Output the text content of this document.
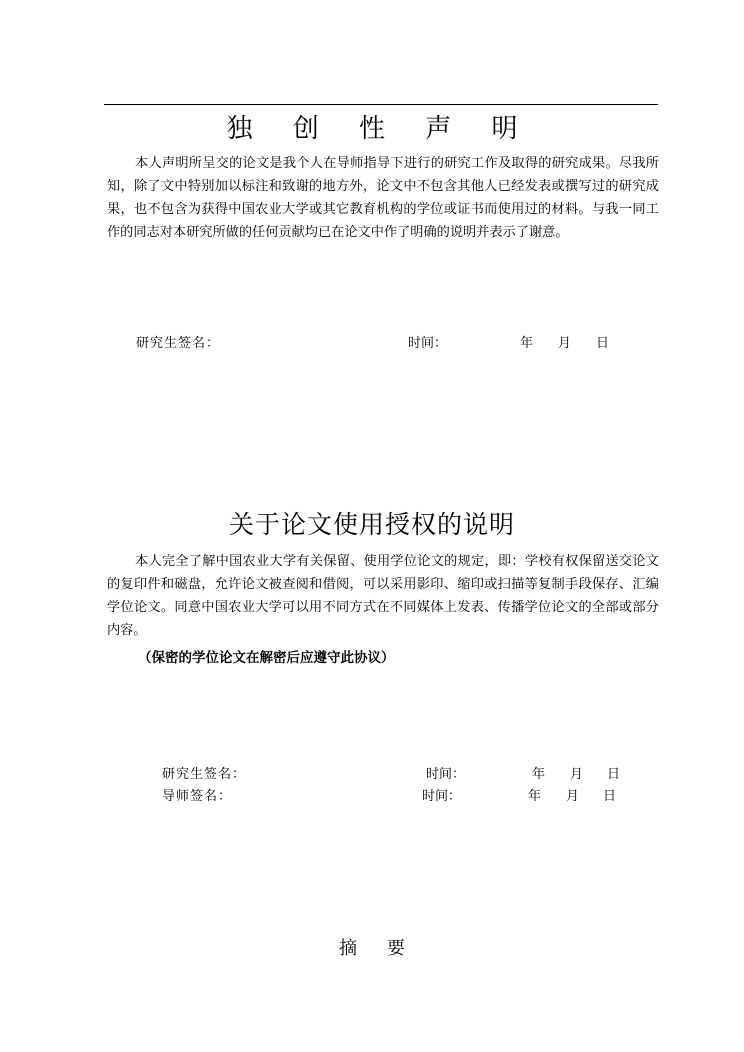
独 创 性 声 明

本人声明所呈交的论文是我个人在导师指导下进行的研究工作及取得的研究成果。尽我所知，除了文中特别加以标注和致谢的地方外，论文中不包含其他人已经发表或撰写过的研究成果，也不包含为获得中国农业大学或其它教育机构的学位或证书而使用过的材料。与我一同工作的同志对本研究所做的任何贡献均已在论文中作了明确的说明并表示了谢意。

研究生签名：	时间：	年 月 日
关于论文使用授权的说明

本人完全了解中国农业大学有关保留、使用学位论文的规定，即：学校有权保留送交论文的复印件和磁盘，允许论文被查阅和借阅，可以采用影印、缩印或扫描等复制手段保存、汇编学位论文。同意中国农业大学可以用不同方式在不同媒体上发表、传播学位论文的全部或部分内容。

（保密的学位论文在解密后应遵守此协议）
研究生签名：	时间：	年 月 日
导师签名：	时间：	年 月 日
摘 要
